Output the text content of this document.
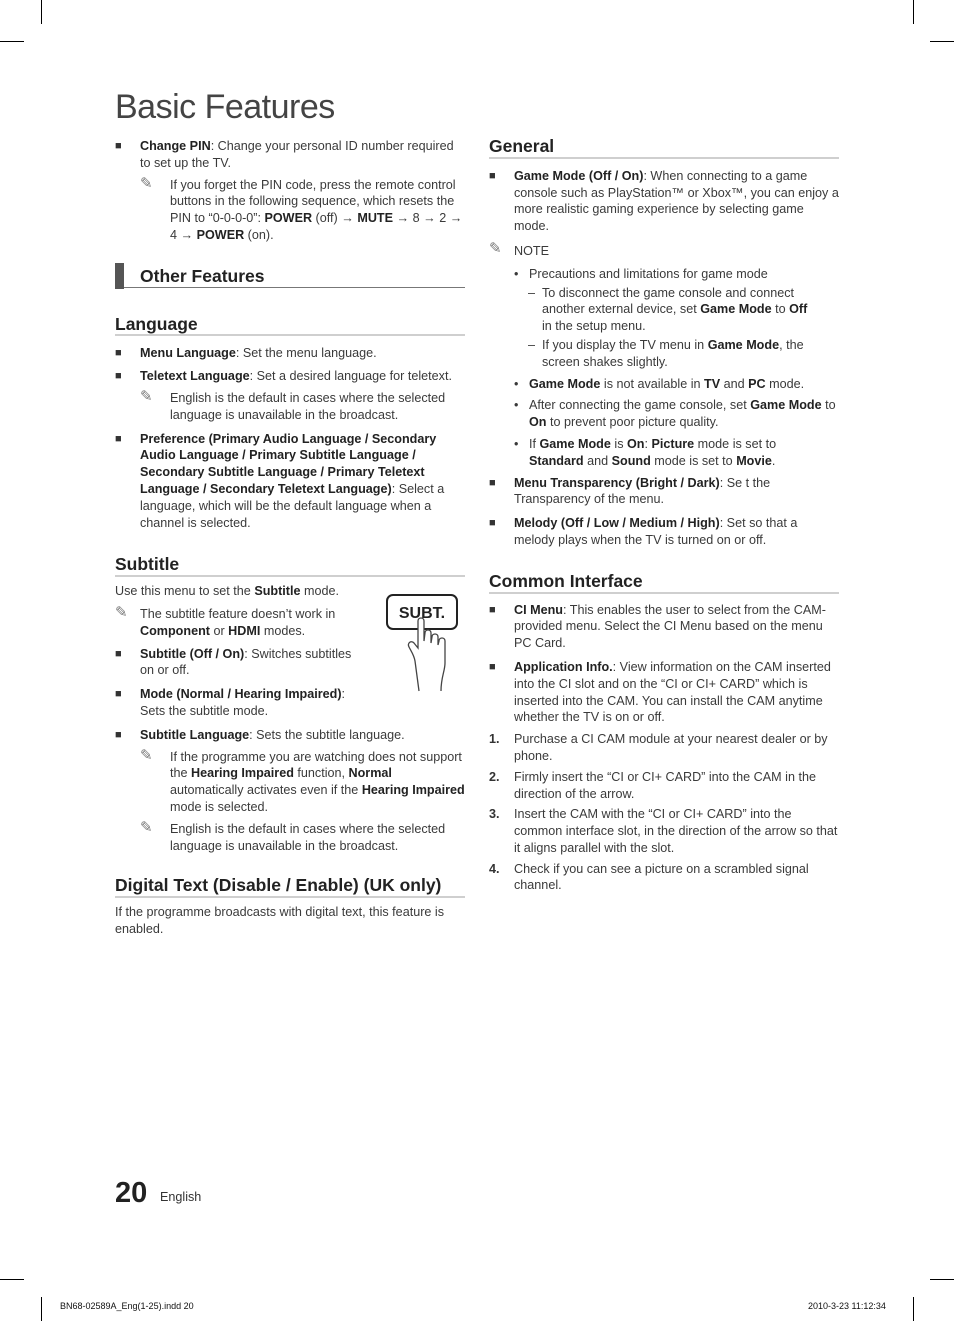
Basic Features
■ Change PIN: Change your personal ID number required to set up the TV.
✎ If you forget the PIN code, press the remote control buttons in the following sequence, which resets the PIN to “0-0-0-0”: POWER (off) → MUTE → 8 → 2 → 4 → POWER (on).
Other Features
Language
■ Menu Language: Set the menu language.
■ Teletext Language: Set a desired language for teletext.
✎ English is the default in cases where the selected language is unavailable in the broadcast.
■ Preference (Primary Audio Language / Secondary Audio Language / Primary Subtitle Language / Secondary Subtitle Language / Primary Teletext Language / Secondary Teletext Language): Select a language, which will be the default language when a channel is selected.
Subtitle
SUBT.
Use this menu to set the Subtitle mode.
✎ The subtitle feature doesn’t work in Component or HDMI modes.
■ Subtitle (Off / On): Switches subtitles on or off.
■ Mode (Normal / Hearing Impaired):
Sets the subtitle mode.
■ Subtitle Language: Sets the subtitle language.
✎ If the programme you are watching does not support the Hearing Impaired function, Normal automatically activates even if the Hearing Impaired mode is selected.
✎ English is the default in cases where the selected language is unavailable in the broadcast.
Digital Text (Disable / Enable) (UK only)
If the programme broadcasts with digital text, this feature is enabled.
General
■ Game Mode (Off / On): When connecting to a game console such as PlayStation™ or Xbox™, you can enjoy a more realistic gaming experience by selecting game mode.
✎ NOTE
• Precautions and limitations for game mode
– To disconnect the game console and connect another external device, set Game Mode to Off
in the setup menu.
– If you display the TV menu in Game Mode, the screen shakes slightly.
• Game Mode is not available in TV and PC mode.
• After connecting the game console, set Game Mode to On to prevent poor picture quality.
• If Game Mode is On: Picture mode is set to
Standard and Sound mode is set to Movie.
■ Menu Transparency (Bright / Dark): Se t the Transparency of the menu.
■ Melody (Off / Low / Medium / High): Set so that a melody plays when the TV is turned on or off.
Common Interface
■ CI Menu: This enables the user to select from the CAM-provided menu. Select the CI Menu based on the menu PC Card.
■ Application Info.: View information on the CAM inserted into the CI slot and on the “CI or CI+ CARD” which is inserted into the CAM. You can install the CAM anytime whether the TV is on or off.
1. Purchase a CI CAM module at your nearest dealer or by phone.
2. Firmly insert the “CI or CI+ CARD” into the CAM in the direction of the arrow.
3. Insert the CAM with the “CI or CI+ CARD” into the common interface slot, in the direction of the arrow so that it aligns parallel with the slot.
4. Check if you can see a picture on a scrambled signal channel.
20 English
BN68-02589A_Eng(1-25).indd 20	2010-3-23 11:12:34
